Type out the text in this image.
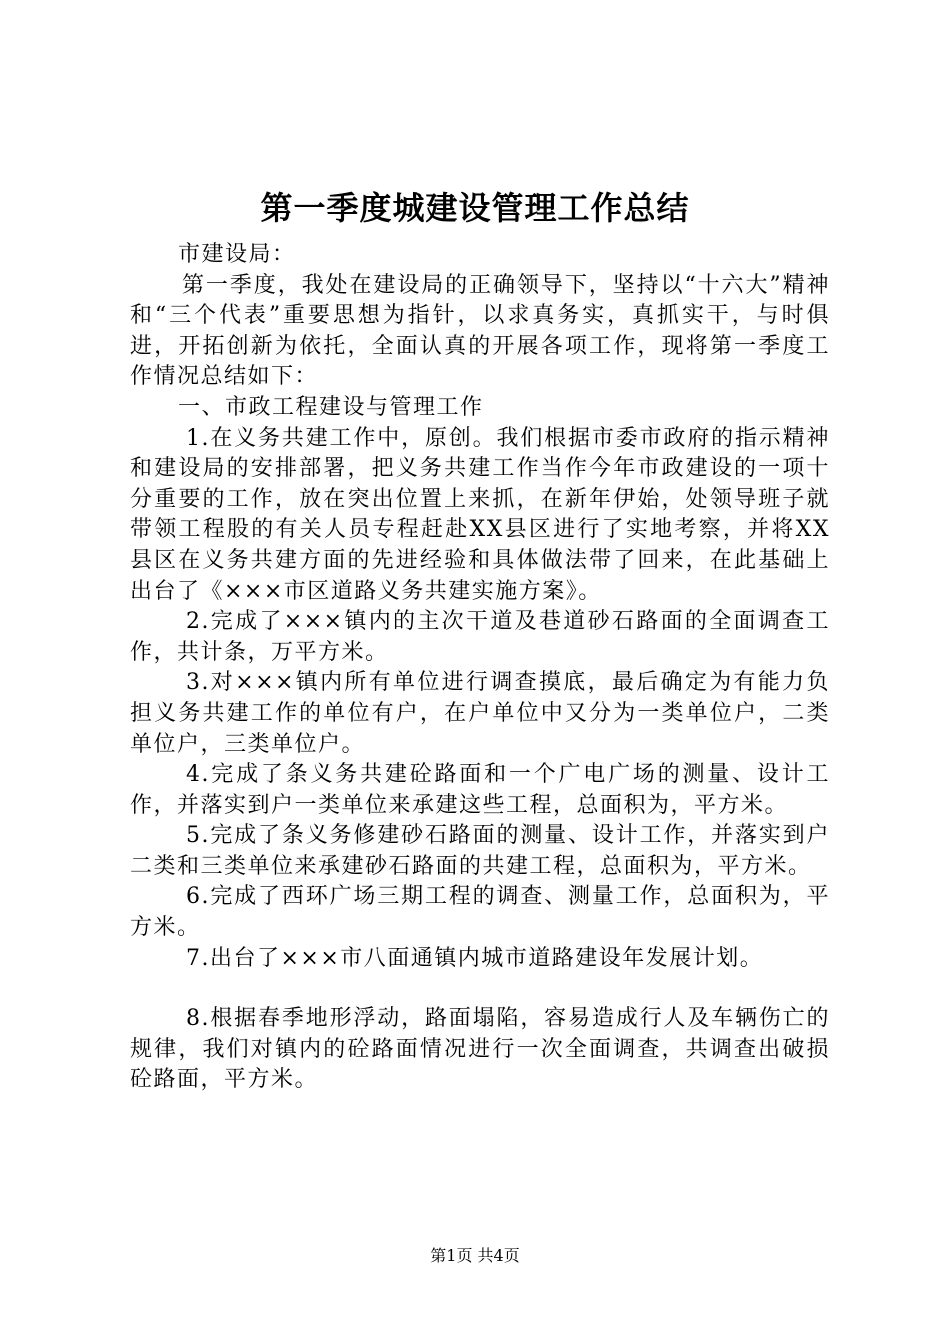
第一季度城建设管理工作总结

市建设局：

第一季度，我处在建设局的正确领导下，坚持以“十六大”精神和“三个代表”重要思想为指针，以求真务实，真抓实干，与时俱进，开拓创新为依托，全面认真的开展各项工作，现将第一季度工作情况总结如下：

一、市政工程建设与管理工作

1.在义务共建工作中，原创。我们根据市委市政府的指示精神和建设局的安排部署，把义务共建工作当作今年市政建设的一项十分重要的工作，放在突出位置上来抓，在新年伊始，处领导班子就带领工程股的有关人员专程赶赴XX县区进行了实地考察，并将XX县区在义务共建方面的先进经验和具体做法带了回来，在此基础上出台了《×××市区道路义务共建实施方案》。

2.完成了×××镇内的主次干道及巷道砂石路面的全面调查工作，共计条，万平方米。

3.对×××镇内所有单位进行调查摸底，最后确定为有能力负担义务共建工作的单位有户，在户单位中又分为一类单位户，二类单位户，三类单位户。

4.完成了条义务共建砼路面和一个广电广场的测量、设计工作，并落实到户一类单位来承建这些工程，总面积为，平方米。

5.完成了条义务修建砂石路面的测量、设计工作，并落实到户二类和三类单位来承建砂石路面的共建工程，总面积为，平方米。

6.完成了西环广场三期工程的调查、测量工作，总面积为，平方米。

7.出台了×××市八面通镇内城市道路建设年发展计划。

8.根据春季地形浮动，路面塌陷，容易造成行人及车辆伤亡的规律，我们对镇内的砼路面情况进行一次全面调查，共调查出破损砼路面，平方米。

第1页 共4页
